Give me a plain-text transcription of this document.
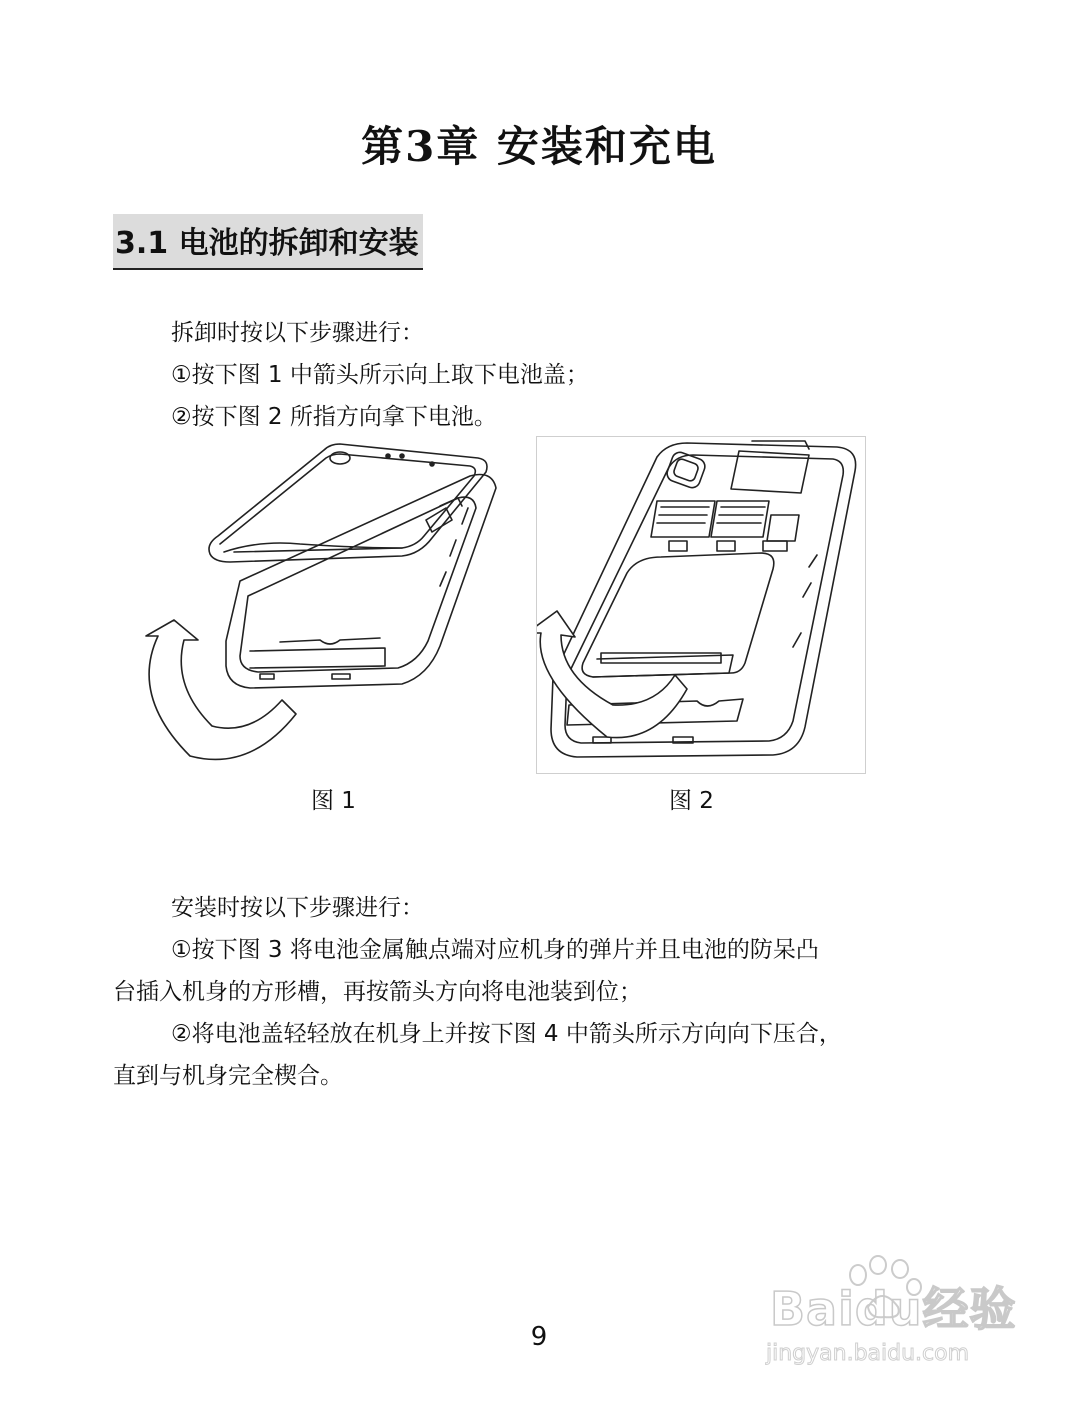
第3章 安装和充电
3.1 电池的拆卸和安装
拆卸时按以下步骤进行：
①按下图 1 中箭头所示向上取下电池盖；
②按下图 2 所指方向拿下电池。
图 1	图 2
安装时按以下步骤进行：
①按下图 3 将电池金属触点端对应机身的弹片并且电池的防呆凸
台插入机身的方形槽，再按箭头方向将电池装到位；
②将电池盖轻轻放在机身上并按下图 4 中箭头所示方向向下压合，
直到与机身完全楔合。
9
Baidu经验
jingyan.baidu.com
